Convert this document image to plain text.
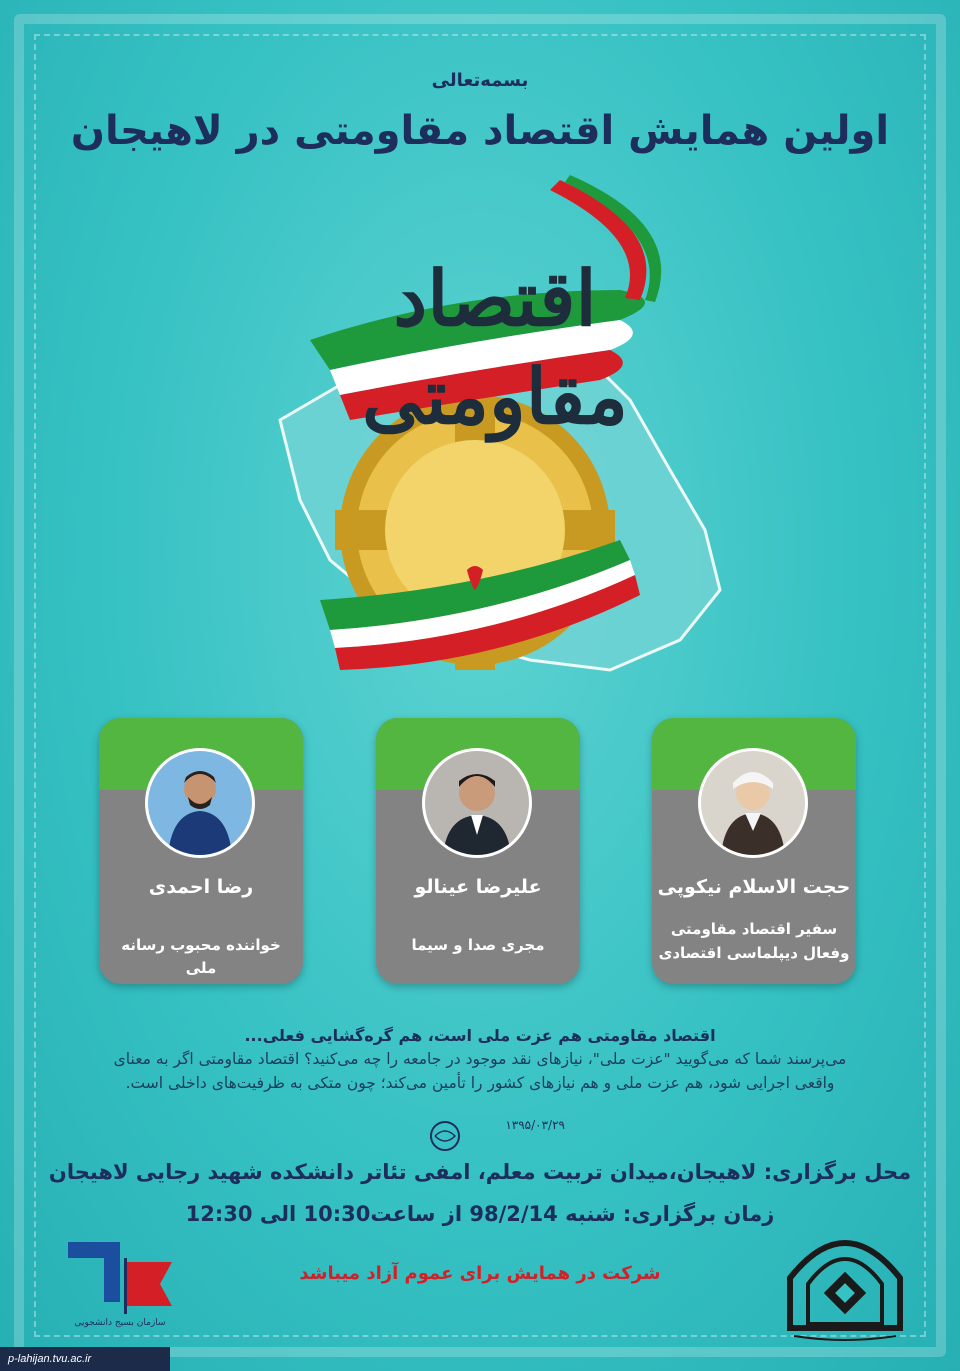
بسمه‌تعالی
اولین همایش اقتصاد مقاومتی در لاهیجان
اقتصاد مقاومتی
حجت الاسلام نیکوپی
سفیر اقتصاد مقاومتی
وفعال دیپلماسی اقتصادی
علیرضا عینالو
مجری صدا و سیما
رضا احمدی
خواننده محبوب رسانه ملی
اقتصاد مقاومتی هم عزت ملی است، هم گره‌گشایی فعلی...
می‌پرسند شما که می‌گویید "عزت ملی"، نیازهای نقد موجود در جامعه را چه می‌کنید؟ اقتصاد مقاومتی اگر به معنای
واقعی اجرایی شود، هم عزت ملی و هم نیازهای کشور را تأمین می‌کند؛ چون متکی به ظرفیت‌های داخلی است.
۱۳۹۵/۰۳/۲۹
محل برگزاری: لاهیجان،میدان تربیت معلم، امفی تئاتر دانشکده شهید رجایی لاهیجان
زمان برگزاری: شنبه 98/2/14 از ساعت10:30 الی 12:30
شرکت در همایش برای عموم آزاد میباشد
سازمان بسیج دانشجویی
p-lahijan.tvu.ac.ir
